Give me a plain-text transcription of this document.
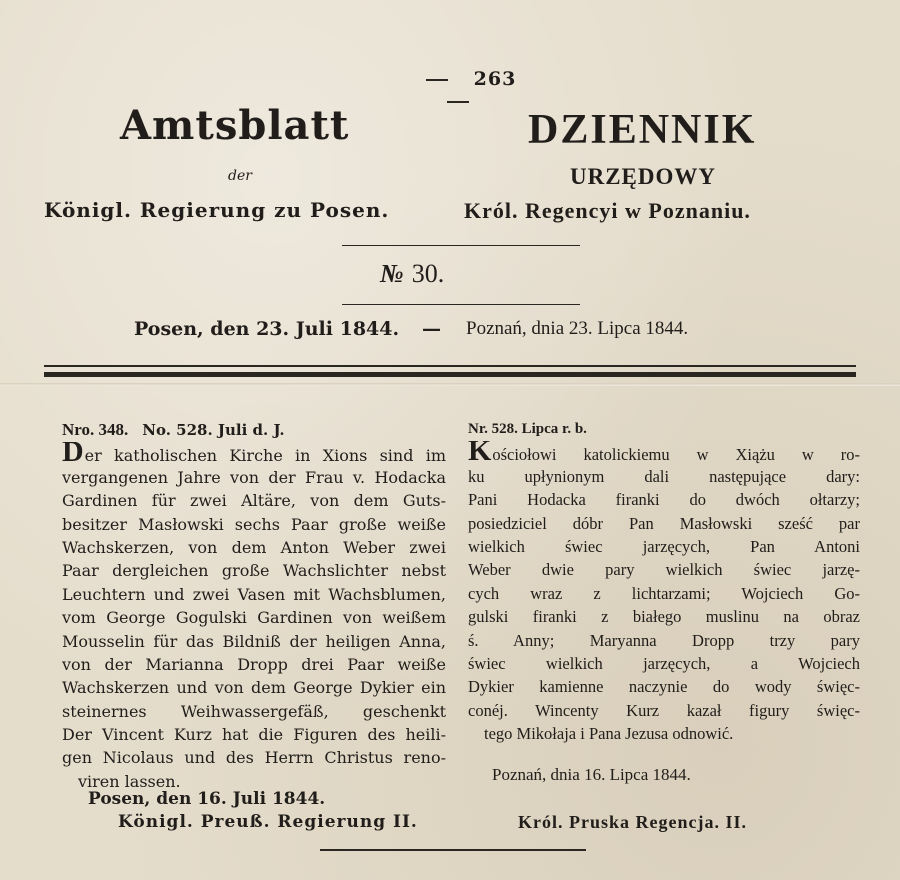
263
Amtsblatt	DZIENNIK
der	URZĘDOWY
Königl. Regierung zu Posen.	Król. Regencyi w Poznaniu.
№ 30.
Posen, den 23. Juli 1844. — Poznań, dnia 23. Lipca 1844.
Nro. 348. No. 528. Juli d. J.
Der katholischen Kirche in Xions sind im
vergangenen Jahre von der Frau v. Hodacka
Gardinen für zwei Altäre, von dem Guts-
besitzer Masłowski sechs Paar große weiße
Wachskerzen, von dem Anton Weber zwei
Paar dergleichen große Wachslichter nebst
Leuchtern und zwei Vasen mit Wachsblumen,
vom George Gogulski Gardinen von weißem
Mousselin für das Bildniß der heiligen Anna,
von der Marianna Dropp drei Paar weiße
Wachskerzen und von dem George Dykier ein
steinernes Weihwassergefäß, geschenkt
Der Vincent Kurz hat die Figuren des heili-
gen Nicolaus und des Herrn Christus reno-
viren lassen.
Posen, den 16. Juli 1844.
Königl. Preuß. Regierung II.
Nr. 528. Lipca r. b.
Kościołowi katolickiemu w Xiążu w ro-
ku upłynionym dali następujące dary:
Pani Hodacka firanki do dwóch ołtarzy;
posiedziciel dóbr Pan Masłowski sześć par
wielkich świec jarzęcych, Pan Antoni
Weber dwie pary wielkich świec jarzę-
cych wraz z lichtarzami; Wojciech Go-
gulski firanki z białego muslinu na obraz
ś. Anny; Maryanna Dropp trzy pary
świec wielkich jarzęcych, a Wojciech
Dykier kamienne naczynie do wody święc-
conéj. Wincenty Kurz kazał figury święc-
tego Mikołaja i Pana Jezusa odnowić.
Poznań, dnia 16. Lipca 1844.
Król. Pruska Regencja. II.
